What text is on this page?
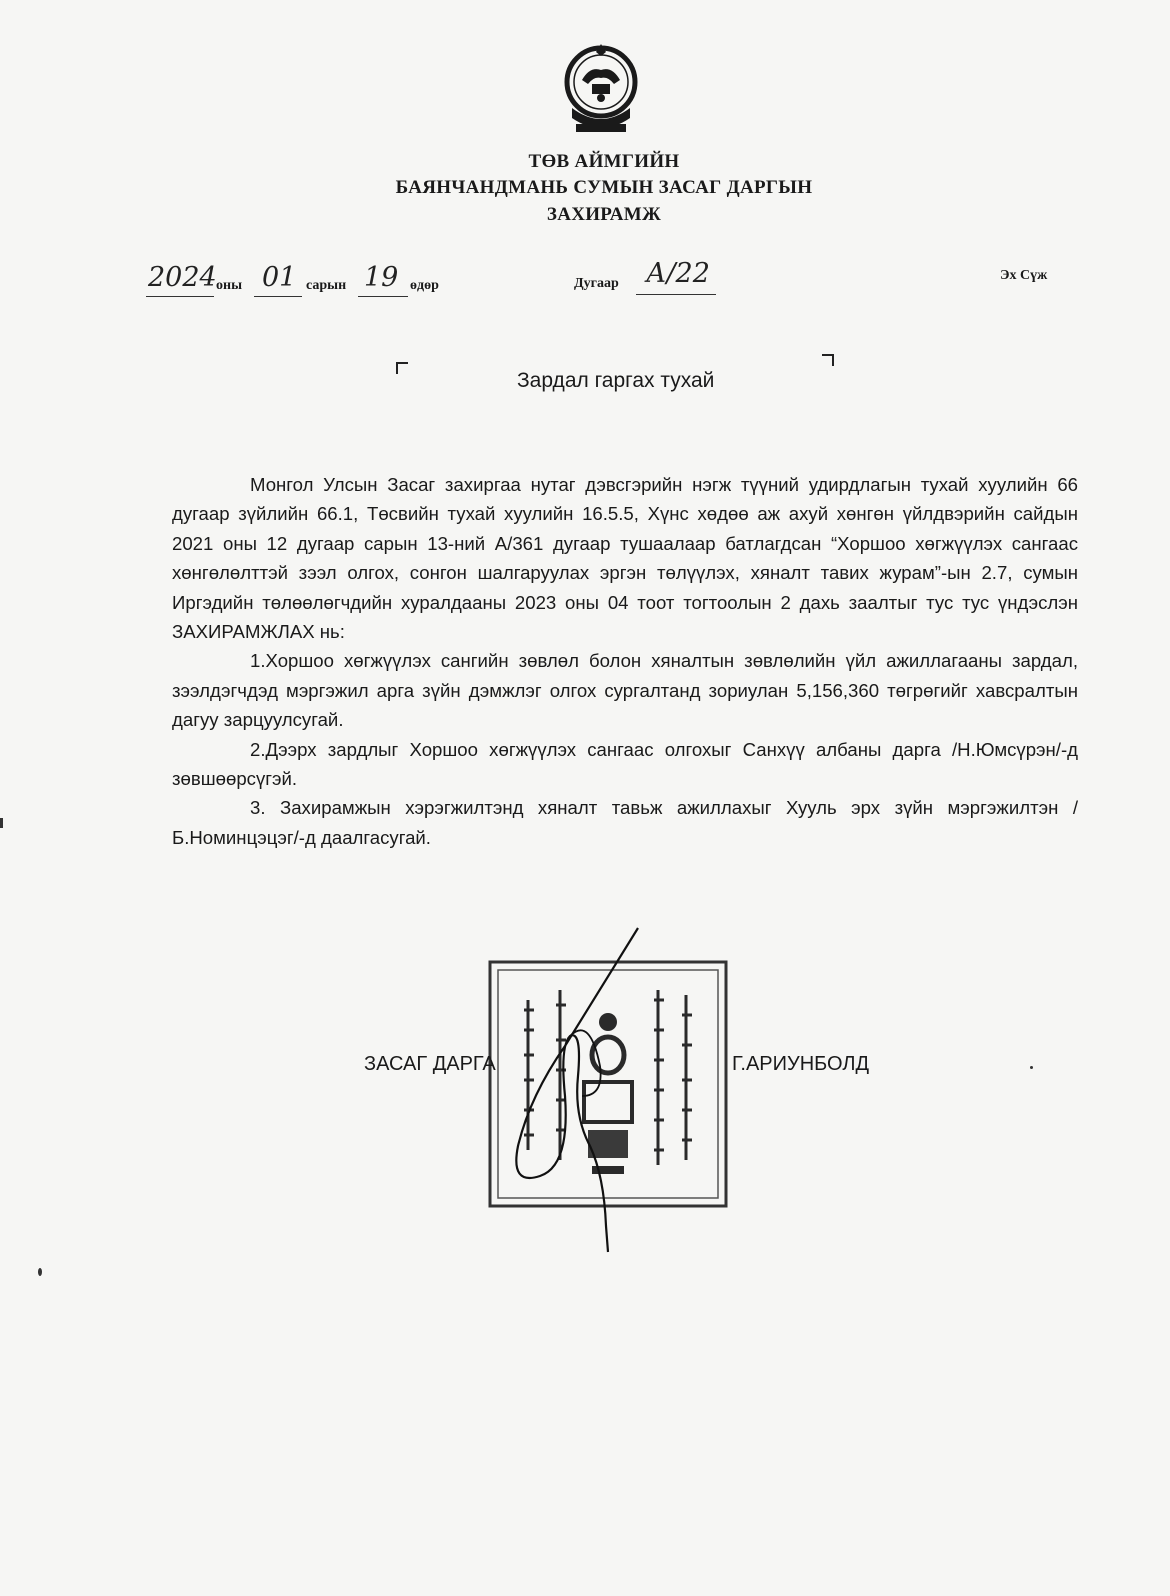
ТӨВ АЙМГИЙН
БАЯНЧАНДМАНЬ СУМЫН ЗАСАГ ДАРГЫН
ЗАХИРАМЖ
2024 оны 01 сарын 19 өдөр	Дугаар А/22	Эх Сүж
Зардал гаргах тухай

Монгол Улсын Засаг захиргаа нутаг дэвсгэрийн нэгж түүний удирдлагын тухай хуулийн 66 дугаар зүйлийн 66.1, Төсвийн тухай хуулийн 16.5.5, Хүнс хөдөө аж ахуй хөнгөн үйлдвэрийн сайдын 2021 оны 12 дугаар сарын 13-ний А/361 дугаар тушаалаар батлагдсан “Хоршоо хөгжүүлэх сангаас хөнгөлөлттэй зээл олгох, сонгон шалгаруулах эргэн төлүүлэх, хяналт тавих журам”-ын 2.7, сумын Иргэдийн төлөөлөгчдийн хуралдааны 2023 оны 04 тоот тогтоолын 2 дахь заалтыг тус тус үндэслэн ЗАХИРАМЖЛАХ нь:

1.Хоршоо хөгжүүлэх сангийн зөвлөл болон хяналтын зөвлөлийн үйл ажиллагааны зардал, зээлдэгчдэд мэргэжил арга зүйн дэмжлэг олгох сургалтанд зориулан 5,156,360 төгрөгийг хавсралтын дагуу зарцуулсугай.

2.Дээрх зардлыг Хоршоо хөгжүүлэх сангаас олгохыг Санхүү албаны дарга /Н.Юмсүрэн/-д зөвшөөрсүгэй.

3. Захирамжын хэрэгжилтэнд хяналт тавьж ажиллахыг Хууль эрх зүйн мэргэжилтэн /Б.Номинцэцэг/-д даалгасугай.

ЗАСАГ ДАРГА	Г.АРИУНБОЛД
